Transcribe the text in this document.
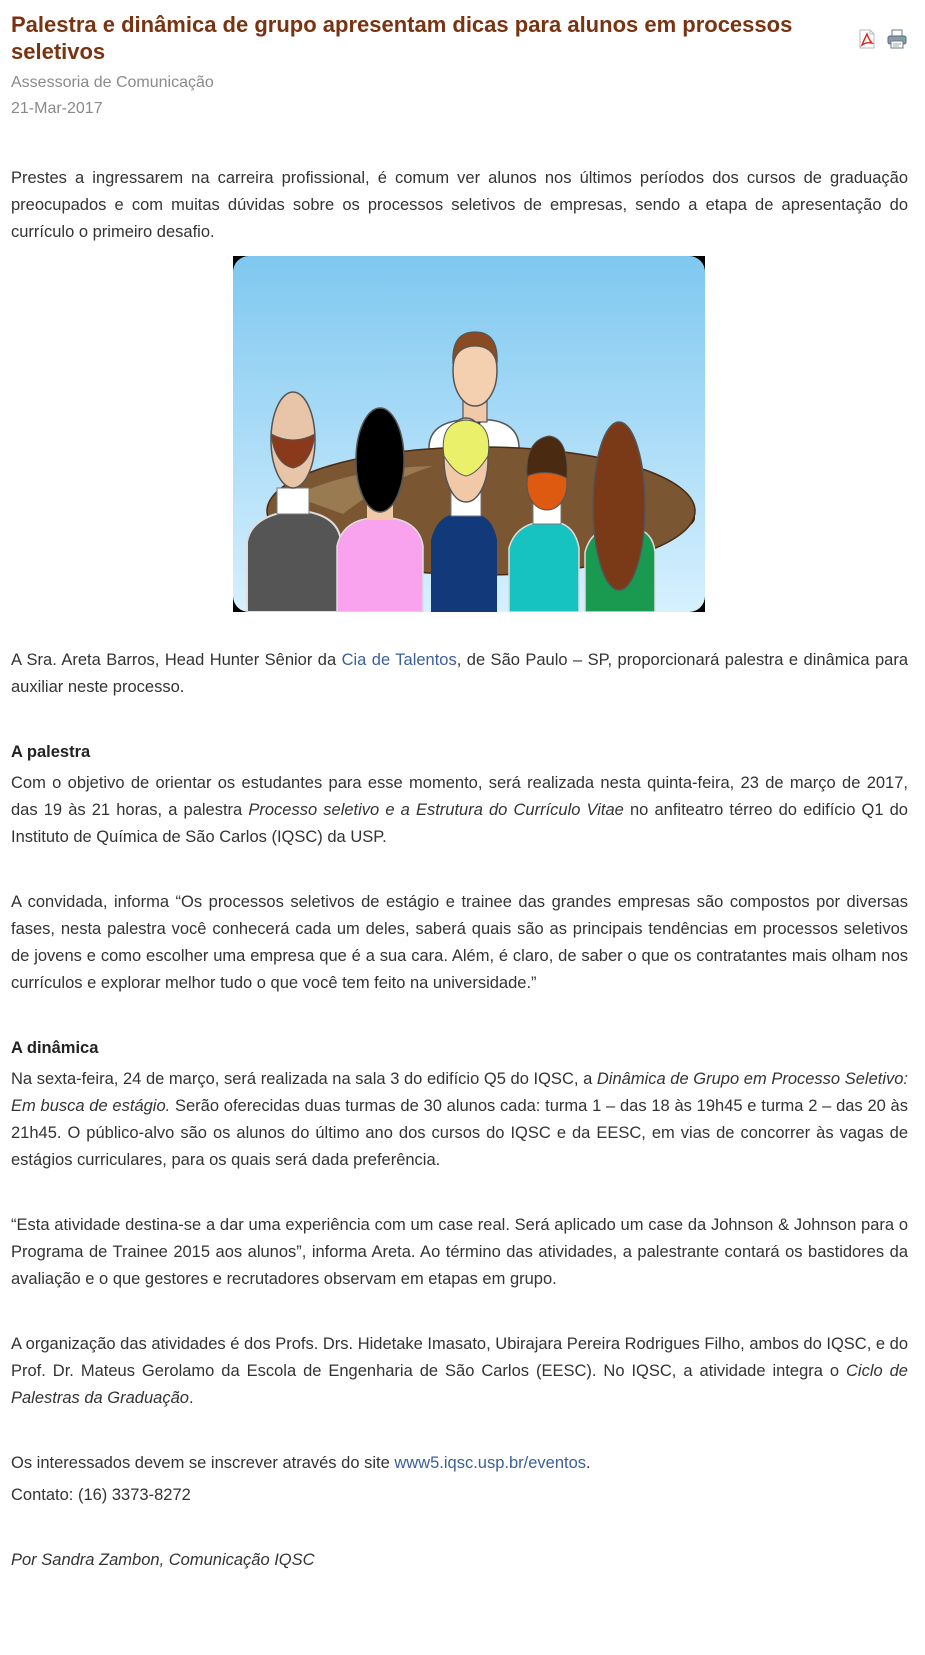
Palestra e dinâmica de grupo apresentam dicas para alunos em processos seletivos
Assessoria de Comunicação
21-Mar-2017

Prestes a ingressarem na carreira profissional, é comum ver alunos nos últimos períodos dos cursos de graduação preocupados e com muitas dúvidas sobre os processos seletivos de empresas, sendo a etapa de apresentação do currículo o primeiro desafio.

A Sra. Areta Barros, Head Hunter Sênior da Cia de Talentos, de São Paulo – SP, proporcionará palestra e dinâmica para auxiliar neste processo.

A palestra

Com o objetivo de orientar os estudantes para esse momento, será realizada nesta quinta-feira, 23 de março de 2017, das 19 às 21 horas, a palestra Processo seletivo e a Estrutura do Currículo Vitae no anfiteatro térreo do edifício Q1 do Instituto de Química de São Carlos (IQSC) da USP.

A convidada, informa “Os processos seletivos de estágio e trainee das grandes empresas são compostos por diversas fases, nesta palestra você conhecerá cada um deles, saberá quais são as principais tendências em processos seletivos de jovens e como escolher uma empresa que é a sua cara. Além, é claro, de saber o que os contratantes mais olham nos currículos e explorar melhor tudo o que você tem feito na universidade.”

A dinâmica

Na sexta-feira, 24 de março, será realizada na sala 3 do edifício Q5 do IQSC, a Dinâmica de Grupo em Processo Seletivo: Em busca de estágio. Serão oferecidas duas turmas de 30 alunos cada: turma 1 – das 18 às 19h45 e turma 2 – das 20 às 21h45. O público-alvo são os alunos do último ano dos cursos do IQSC e da EESC, em vias de concorrer às vagas de estágios curriculares, para os quais será dada preferência.

“Esta atividade destina-se a dar uma experiência com um case real. Será aplicado um case da Johnson & Johnson para o Programa de Trainee 2015 aos alunos”, informa Areta. Ao término das atividades, a palestrante contará os bastidores da avaliação e o que gestores e recrutadores observam em etapas em grupo.

A organização das atividades é dos Profs. Drs. Hidetake Imasato, Ubirajara Pereira Rodrigues Filho, ambos do IQSC, e do Prof. Dr. Mateus Gerolamo da Escola de Engenharia de São Carlos (EESC). No IQSC, a atividade integra o Ciclo de Palestras da Graduação.

Os interessados devem se inscrever através do site www5.iqsc.usp.br/eventos.

Contato: (16) 3373-8272

Por Sandra Zambon, Comunicação IQSC
